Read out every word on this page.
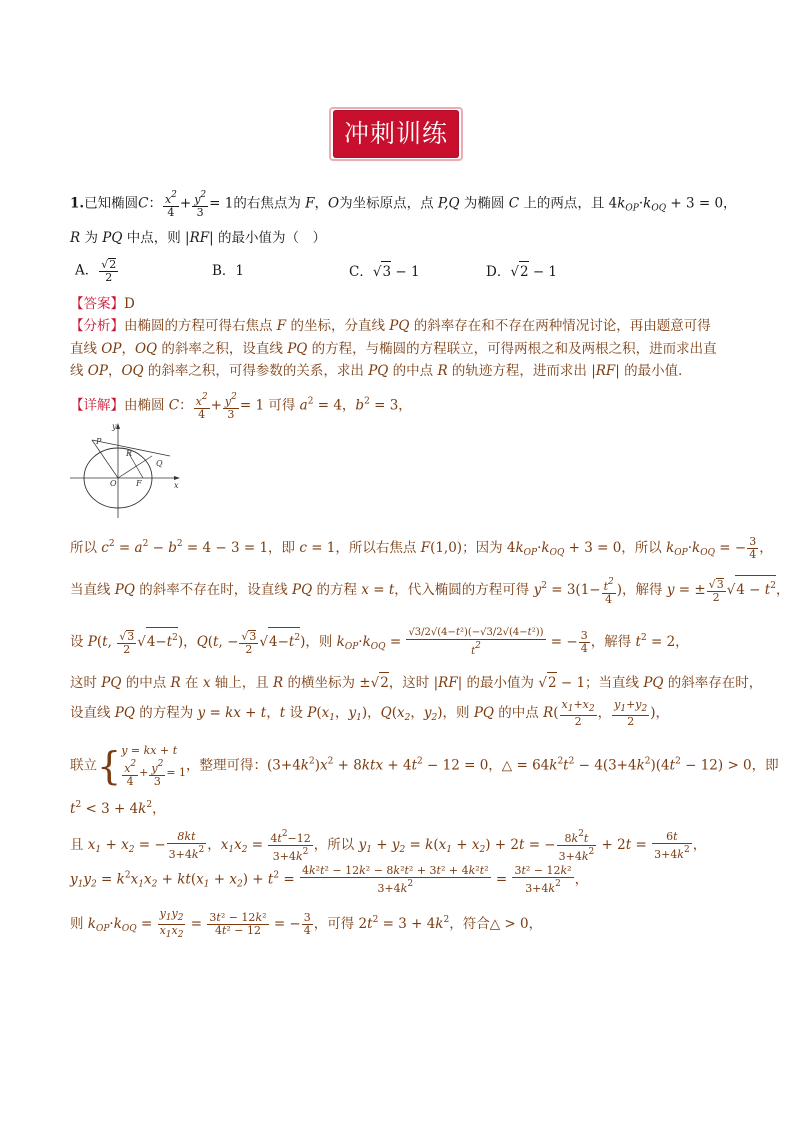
冲刺训练
1.已知椭圆C： $\frac{x^2}{4} + \frac{y^2}{3} = 1$的右焦点为 F，O为坐标原点，点 P,Q 为椭圆 C 上的两点，且 $4k_{OP}\cdot k_{OQ} + 3 = 0$，
R 为 PQ 中点，则 |RF| 的最小值为（　）
A． $\frac{√2}{2}$	B．1	C．√3 − 1	D．√2 − 1
【答案】D
【分析】由椭圆的方程可得右焦点 F 的坐标，分直线 PQ 的斜率存在和不存在两种情况讨论，再由题意可得
直线 OP，OQ 的斜率之积，设直线 PQ 的方程，与椭圆的方程联立，可得两根之和及两根之积，进而求出直
线 OP，OQ 的斜率之积，可得参数的关系，求出 PQ 的中点 R 的轨迹方程，进而求出 |RF| 的最小值．
【详解】由椭圆 C： $\frac{x^2}{4} + \frac{y^2}{3} = 1$ 可得 $a^2 = 4$，$b^2 = 3$，
y
x
P
R
Q
O F
所以 $c^2 = a^2 - b^2 = 4 - 3 = 1$，即 c = 1，所以右焦点 F(1,0)；因为 $4k_{OP}\cdot k_{OQ} + 3 = 0$，所以 $k_{OP}\cdot k_{OQ}$ = − $\frac{3}{4}$ ，
当直线 PQ 的斜率不存在时，设直线 PQ 的方程 x = t，代入椭圆的方程可得 $y^2 = 3(1- \frac{t^2}{4}$ )，解得 y = ± $\frac{√3}{2} √4 - t^2$，
设 P(t, $\frac{√3}{2} √4-t^2$)，Q(t, − $\frac{√3}{2} √4-t^2$)，则 $k_{OP}\cdot k_{OQ} = \frac{\text{√3/2√(4−t²)(−√3/2√(4−t²))}}{t2}$ = − $\frac{3}{4}$ ，解得 $t^2 = 2$，
这时 PQ 的中点 R 在 x 轴上，且 R 的横坐标为 ±√2，这时 |RF| 的最小值为 √2 − 1；当直线 PQ 的斜率存在时，
设直线 PQ 的方程为 y = kx + t，t 设 $P(x_1$，$y_1$)，$Q(x_2$，$y_2$)，则 PQ 的中点 $R( \frac{x_1+x_2}{2}$ ， $\frac{y_1+y_2}{2}$ )，
联立{y = kx + t

$\frac{x^2}{4} + \frac{y^2}{3} = 1$，整理可得：$(3+4k^2)x^2 + 8ktx + 4t^2 - 12 = 0$，△ = $64k^2t^2 - 4(3+4k^2)(4t^2 - 12) > 0$，即
$t^2 < 3 + 4k^2$，
且 $x_1 + x_2$ = − $\frac{8kt}{3+4k^2}$ ，$x_1x_2 = \frac{4t^2-12}{3+4k^2}$ ，所以 $y_1 + y_2 = k(x_1 + x_2) + 2t$ = − $\frac{8k^2t}{3+4k^2} + 2t = \frac{6t}{3+4k^2}$ ，
$y_1y_2 = k^2x_1x_2 + kt(x_1 + x_2) + t^2 = \frac{\text{4k²t² − 12k² − 8k²t² + 3t² + 4k²t²}}{3+4k^2} = \frac{\text{3t² − 12k²}}{3+4k^2}$ ，
则 $k_{OP}\cdot k_{OQ} = \frac{y_1y_2}{x_1x_2} = \frac{\text{3t² − 12k²}}{\text{4t² − 12}}$ = − $\frac{3}{4}$ ，可得 $2t^2 = 3 + 4k^2$，符合△ > 0，
